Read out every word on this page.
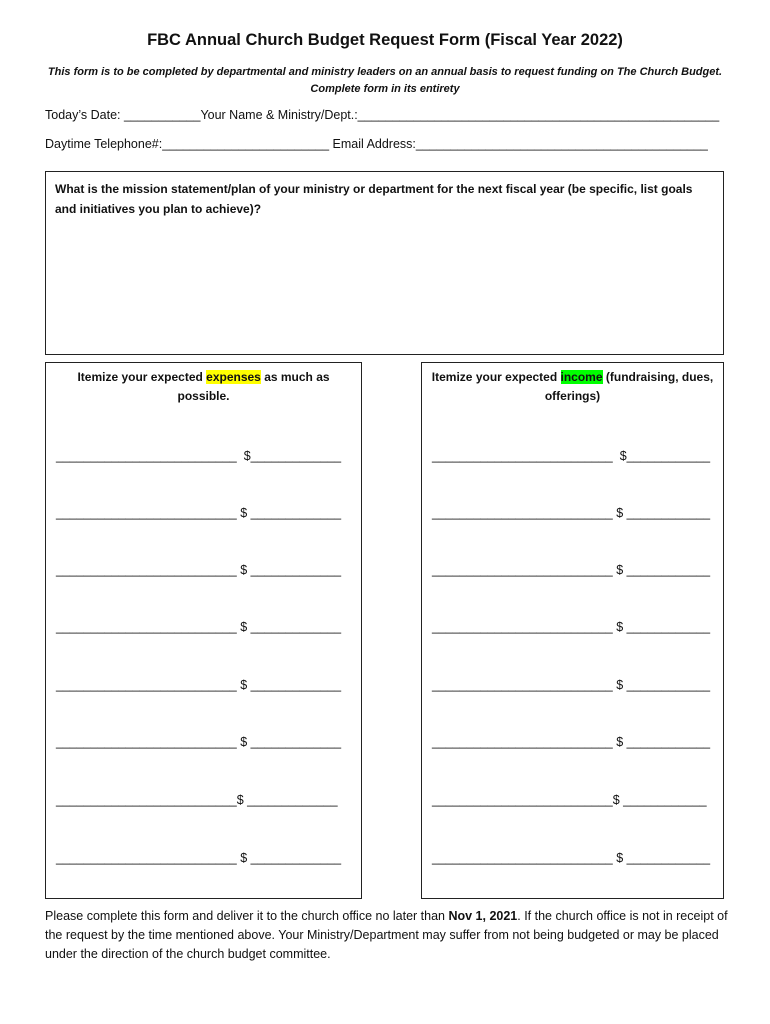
FBC Annual Church Budget Request Form (Fiscal Year 2022)
This form is to be completed by departmental and ministry leaders on an annual basis to request funding on The Church Budget.
Complete form in its entirety
Today’s Date: ___________Your Name & Ministry/Dept.:____________________________________________________
Daytime Telephone#:________________________ Email Address:__________________________________________
What is the mission statement/plan of your ministry or department for the next fiscal year (be specific, list goals and initiatives you plan to achieve)?
Itemize your expected expenses as much as possible.
__________________________  $_____________
__________________________ $ _____________
__________________________ $ _____________
__________________________ $ _____________
__________________________ $ _____________
__________________________ $ _____________
__________________________$ _____________
__________________________ $ _____________
Itemize your expected income (fundraising, dues, offerings)
__________________________  $____________
__________________________ $ ____________
__________________________ $ ____________
__________________________ $ ____________
__________________________ $ ____________
__________________________ $ ____________
__________________________$ ____________
__________________________ $ ____________
Please complete this form and deliver it to the church office no later than Nov 1, 2021. If the church office is not in receipt of the request by the time mentioned above. Your Ministry/Department may suffer from not being budgeted or may be placed under the direction of the church budget committee.
